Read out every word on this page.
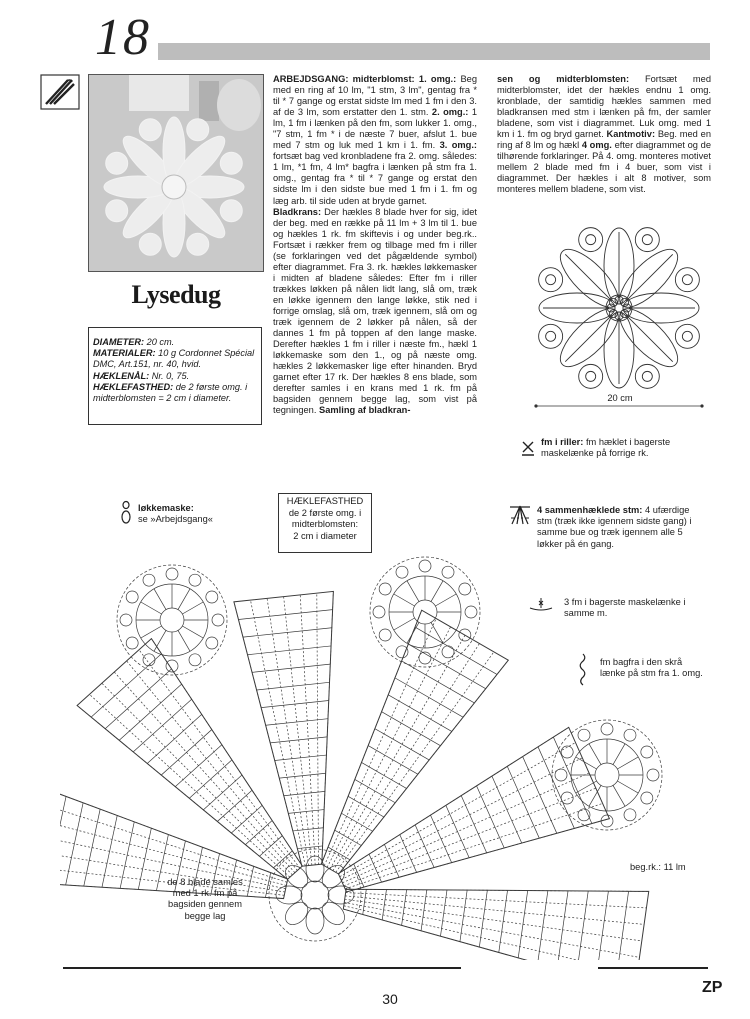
18
Lysedug
DIAMETER: 20 cm.
MATERIALER: 10 g Cordonnet Spécial DMC, Art.151, nr. 40, hvid.
HÆKLENÅL: Nr. 0, 75.
HÆKLEFASTHED: de 2 første omg. i midterblomsten = 2 cm i diameter.

ARBEJDSGANG: midterblomst: 1. omg.: Beg med en ring af 10 lm, "1 stm, 3 lm", gentag fra * til * 7 gange og erstat sidste lm med 1 fm i den 3. af de 3 lm, som erstatter den 1. stm. 2. omg.: 1 lm, 1 fm i lænken på den fm, som lukker 1. omg., "7 stm, 1 fm * i de næste 7 buer, afslut 1. bue med 7 stm og luk med 1 km i 1. fm. 3. omg.: fortsæt bag ved kronbladene fra 2. omg. således: 1 lm, *1 fm, 4 lm* bagfra i lænken på stm fra 1. omg., gentag fra * til * 7 gange og erstat den sidste lm i den sidste bue med 1 fm i 1. fm og læg arb. til side uden at bryde garnet.

Bladkrans: Der hækles 8 blade hver for sig, idet der beg. med en række på 11 lm + 3 lm til 1. bue og hækles 1 rk. fm skiftevis i og under beg.rk.. Fortsæt i rækker frem og tilbage med fm i riller (se forklaringen ved det pågældende symbol) efter diagrammet. Fra 3. rk. hækles løkkemasker i midten af bladene således: Efter fm i riller trækkes løkken på nålen lidt lang, slå om, træk en løkke igennem den lange løkke, stik ned i forrige omslag, slå om, træk igennem, slå om og træk igennem de 2 løkker på nålen, så der dannes 1 fm på toppen af den lange maske. Derefter hækles 1 fm i riller i næste fm., hækl 1 løkkemaske som den 1., og på næste omg. hækles 2 løkkemasker lige efter hinanden. Bryd garnet efter 17 rk. Der hækles 8 ens blade, som derefter samles i en krans med 1 rk. fm på bagsiden gennem begge lag, som vist på tegningen. Samling af bladkran-

sen og midterblomsten: Fortsæt med midterblomster, idet der hækles endnu 1 omg. kronblade, der samtidig hækles sammen med bladkransen med stm i lænken på fm, der samler bladene, som vist i diagrammet. Luk omg. med 1 km i 1. fm og bryd garnet. Kantmotiv: Beg. med en ring af 8 lm og hækl 4 omg. efter diagrammet og de tilhørende forklaringer. På 4. omg. monteres motivet mellem 2 blade med fm i 4 buer, som vist i diagrammet. Der hækles i alt 8 motiver, som monteres mellem bladene, som vist.

20 cm
fm i riller: fm hæklet i bagerste maskelænke på forrige rk.
løkkemaske:
se »Arbejdsgang«
HÆKLEFASTHED
de 2 første omg. i
midterblomsten:
2 cm i diameter
4 sammenhæklede stm: 4 ufærdige stm (træk ikke igennem sidste gang) i samme bue og træk igennem alle 5 løkker på én gang.
3 fm i bagerste maskelænke i samme m.
fm bagfra i den skrå lænke på stm fra 1. omg.
de 8 blade samles
med 1 rk. fm på
bagsiden gennem
begge lag
beg.rk.: 11 lm
30
ZP
